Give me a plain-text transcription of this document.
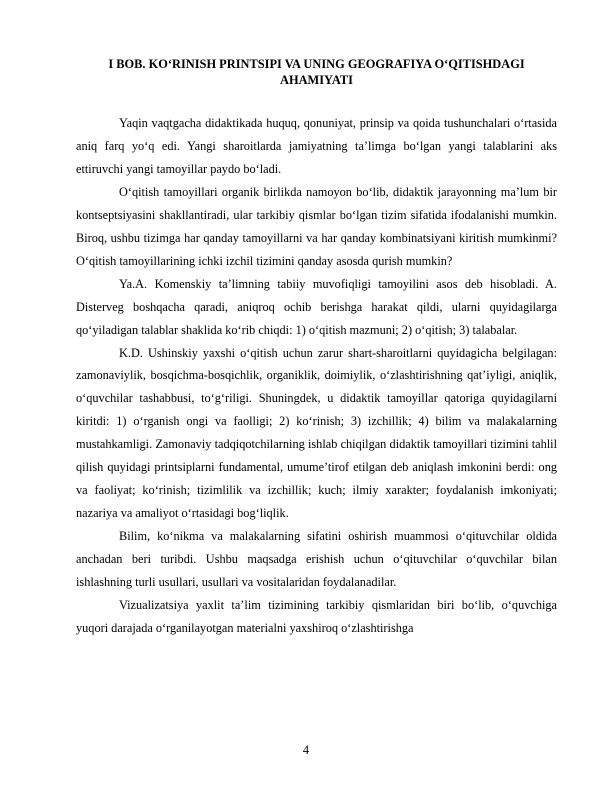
I BOB. KO‘RINISH PRINTSIPI VA UNING GEOGRAFIYA O‘QITISHDAGI AHAMIYATI

Yaqin vaqtgacha didaktikada huquq, qonuniyat, prinsip va qoida tushunchalari o‘rtasida aniq farq yo‘q edi. Yangi sharoitlarda jamiyatning ta’limga bo‘lgan yangi talablarini aks ettiruvchi yangi tamoyillar paydo bo‘ladi.

O‘qitish tamoyillari organik birlikda namoyon bo‘lib, didaktik jarayonning ma’lum bir kontseptsiyasini shakllantiradi, ular tarkibiy qismlar bo‘lgan tizim sifatida ifodalanishi mumkin. Biroq, ushbu tizimga har qanday tamoyillarni va har qanday kombinatsiyani kiritish mumkinmi? O‘qitish tamoyillarining ichki izchil tizimini qanday asosda qurish mumkin?

Ya.A. Komenskiy ta’limning tabiiy muvofiqligi tamoyilini asos deb hisobladi. A. Disterveg boshqacha qaradi, aniqroq ochib berishga harakat qildi, ularni quyidagilarga qo‘yiladigan talablar shaklida ko‘rib chiqdi: 1) o‘qitish mazmuni; 2) o‘qitish; 3) talabalar.

K.D. Ushinskiy yaxshi o‘qitish uchun zarur shart-sharoitlarni quyidagicha belgilagan: zamonaviylik, bosqichma-bosqichlik, organiklik, doimiylik, o‘zlashtirishning qat’iyligi, aniqlik, o‘quvchilar tashabbusi, to‘g‘riligi. Shuningdek, u didaktik tamoyillar qatoriga quyidagilarni kiritdi: 1) o‘rganish ongi va faolligi; 2) ko‘rinish; 3) izchillik; 4) bilim va malakalarning mustahkamligi. Zamonaviy tadqiqotchilarning ishlab chiqilgan didaktik tamoyillari tizimini tahlil qilish quyidagi printsiplarni fundamental, umume’tirof etilgan deb aniqlash imkonini berdi: ong va faoliyat; ko‘rinish; tizimlilik va izchillik; kuch; ilmiy xarakter; foydalanish imkoniyati; nazariya va amaliyot o‘rtasidagi bog‘liqlik.

Bilim, ko‘nikma va malakalarning sifatini oshirish muammosi o‘qituvchilar oldida anchadan beri turibdi. Ushbu maqsadga erishish uchun o‘qituvchilar o‘quvchilar bilan ishlashning turli usullari, usullari va vositalaridan foydalanadilar.

Vizualizatsiya yaxlit ta’lim tizimining tarkibiy qismlaridan biri bo‘lib, o‘quvchiga yuqori darajada o‘rganilayotgan materialni yaxshiroq o‘zlashtirishga

4
